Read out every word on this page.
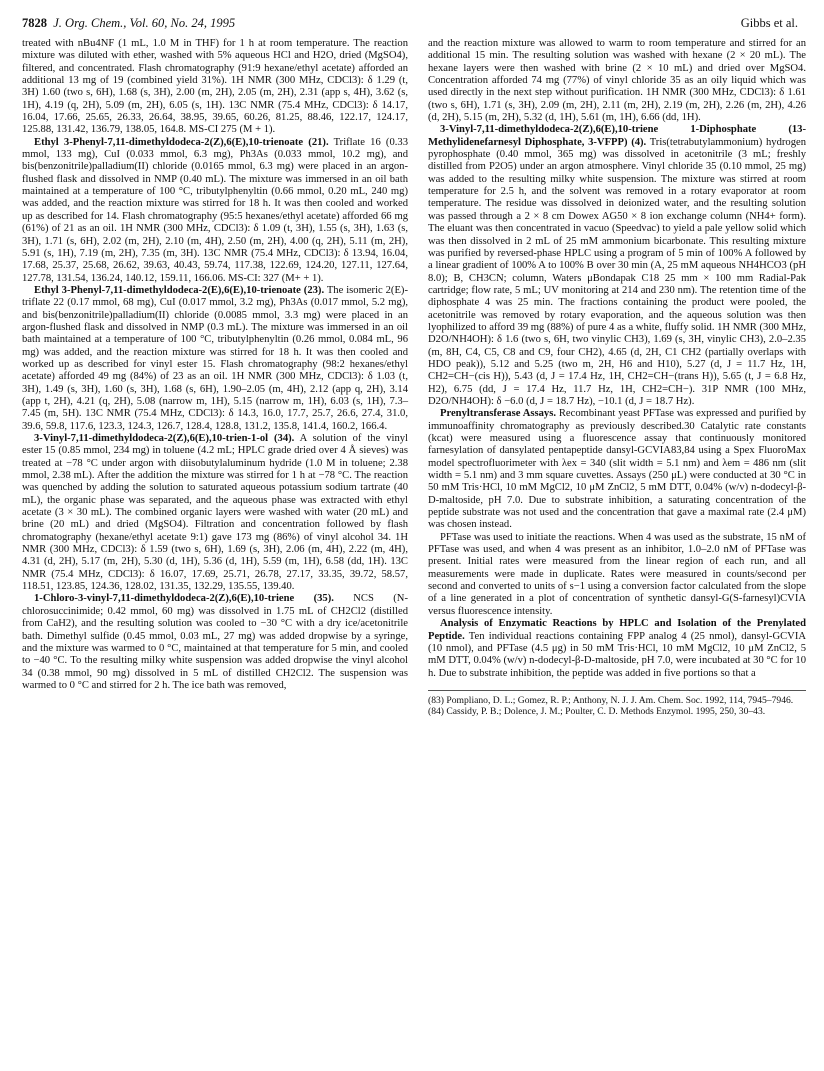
7828 J. Org. Chem., Vol. 60, No. 24, 1995	Gibbs et al.

treated with nBu4NF (1 mL, 1.0 M in THF) for 1 h at room temperature. The reaction mixture was diluted with ether, washed with 5% aqueous HCl and H2O, dried (MgSO4), filtered, and concentrated. Flash chromatography (91:9 hexane/ethyl acetate) afforded an additional 13 mg of 19 (combined yield 31%). 1H NMR (300 MHz, CDCl3): δ 1.29 (t, 3H) 1.60 (two s, 6H), 1.68 (s, 3H), 2.00 (m, 2H), 2.05 (m, 2H), 2.31 (app s, 4H), 3.62 (s, 1H), 4.19 (q, 2H), 5.09 (m, 2H), 6.05 (s, 1H). 13C NMR (75.4 MHz, CDCl3): δ 14.17, 16.04, 17.66, 25.65, 26.33, 26.64, 38.95, 39.65, 60.26, 81.25, 88.46, 122.17, 124.17, 125.88, 131.42, 136.79, 138.05, 164.8. MS-CI 275 (M + 1).

Ethyl 3-Phenyl-7,11-dimethyldodeca-2(Z),6(E),10-trienoate (21). Triflate 16 (0.33 mmol, 133 mg), CuI (0.033 mmol, 6.3 mg), Ph3As (0.033 mmol, 10.2 mg), and bis(benzonitrile)palladium(II) chloride (0.0165 mmol, 6.3 mg) were placed in an argon-flushed flask and dissolved in NMP (0.40 mL). The mixture was immersed in an oil bath maintained at a temperature of 100 °C, tributylphenyltin (0.66 mmol, 0.20 mL, 240 mg) was added, and the reaction mixture was stirred for 18 h. It was then cooled and worked up as described for 14. Flash chromatography (95:5 hexanes/ethyl acetate) afforded 66 mg (61%) of 21 as an oil. 1H NMR (300 MHz, CDCl3): δ 1.09 (t, 3H), 1.55 (s, 3H), 1.63 (s, 3H), 1.71 (s, 6H), 2.02 (m, 2H), 2.10 (m, 4H), 2.50 (m, 2H), 4.00 (q, 2H), 5.11 (m, 2H), 5.91 (s, 1H), 7.19 (m, 2H), 7.35 (m, 3H). 13C NMR (75.4 MHz, CDCl3): δ 13.94, 16.04, 17.68, 25.37, 25.68, 26.62, 39.63, 40.43, 59.74, 117.38, 122.69, 124.20, 127.11, 127.64, 127.78, 131.54, 136.24, 140.12, 159.11, 166.06. MS-CI: 327 (M+ + 1).

Ethyl 3-Phenyl-7,11-dimethyldodeca-2(E),6(E),10-trienoate (23). The isomeric 2(E)-triflate 22 (0.17 mmol, 68 mg), CuI (0.017 mmol, 3.2 mg), Ph3As (0.017 mmol, 5.2 mg), and bis(benzonitrile)palladium(II) chloride (0.0085 mmol, 3.3 mg) were placed in an argon-flushed flask and dissolved in NMP (0.3 mL). The mixture was immersed in an oil bath maintained at a temperature of 100 °C, tributylphenyltin (0.26 mmol, 0.084 mL, 96 mg) was added, and the reaction mixture was stirred for 18 h. It was then cooled and worked up as described for vinyl ester 15. Flash chromatography (98:2 hexanes/ethyl acetate) afforded 49 mg (84%) of 23 as an oil. 1H NMR (300 MHz, CDCl3): δ 1.03 (t, 3H), 1.49 (s, 3H), 1.60 (s, 3H), 1.68 (s, 6H), 1.90–2.05 (m, 4H), 2.12 (app q, 2H), 3.14 (app t, 2H), 4.21 (q, 2H), 5.08 (narrow m, 1H), 5.15 (narrow m, 1H), 6.03 (s, 1H), 7.3–7.45 (m, 5H). 13C NMR (75.4 MHz, CDCl3): δ 14.3, 16.0, 17.7, 25.7, 26.6, 27.4, 31.0, 39.6, 59.8, 117.6, 123.3, 124.3, 126.7, 128.4, 128.8, 131.2, 135.8, 141.4, 160.2, 166.4.

3-Vinyl-7,11-dimethyldodeca-2(Z),6(E),10-trien-1-ol (34). A solution of the vinyl ester 15 (0.85 mmol, 234 mg) in toluene (4.2 mL; HPLC grade dried over 4 Å sieves) was treated at −78 °C under argon with diisobutylaluminum hydride (1.0 M in toluene; 2.38 mmol, 2.38 mL). After the addition the mixture was stirred for 1 h at −78 °C. The reaction was quenched by adding the solution to saturated aqueous potassium sodium tartrate (40 mL), the organic phase was separated, and the aqueous phase was extracted with ethyl acetate (3 × 30 mL). The combined organic layers were washed with water (20 mL) and brine (20 mL) and dried (MgSO4). Filtration and concentration followed by flash chromatography (hexane/ethyl acetate 9:1) gave 173 mg (86%) of vinyl alcohol 34. 1H NMR (300 MHz, CDCl3): δ 1.59 (two s, 6H), 1.69 (s, 3H), 2.06 (m, 4H), 2.22 (m, 4H), 4.31 (d, 2H), 5.17 (m, 2H), 5.30 (d, 1H), 5.36 (d, 1H), 5.59 (m, 1H), 6.58 (dd, 1H). 13C NMR (75.4 MHz, CDCl3): δ 16.07, 17.69, 25.71, 26.78, 27.17, 33.35, 39.72, 58.57, 118.51, 123.85, 124.36, 128.02, 131.35, 132.29, 135.55, 139.40.

1-Chloro-3-vinyl-7,11-dimethyldodeca-2(Z),6(E),10-triene (35). NCS (N-chlorosuccinimide; 0.42 mmol, 60 mg) was dissolved in 1.75 mL of CH2Cl2 (distilled from CaH2), and the resulting solution was cooled to −30 °C with a dry ice/acetonitrile bath. Dimethyl sulfide (0.45 mmol, 0.03 mL, 27 mg) was added dropwise by a syringe, and the mixture was warmed to 0 °C, maintained at that temperature for 5 min, and cooled to −40 °C. To the resulting milky white suspension was added dropwise the vinyl alcohol 34 (0.38 mmol, 90 mg) dissolved in 5 mL of distilled CH2Cl2. The suspension was warmed to 0 °C and stirred for 2 h. The ice bath was removed,

and the reaction mixture was allowed to warm to room temperature and stirred for an additional 15 min. The resulting solution was washed with hexane (2 × 20 mL). The hexane layers were then washed with brine (2 × 10 mL) and dried over MgSO4. Concentration afforded 74 mg (77%) of vinyl chloride 35 as an oily liquid which was used directly in the next step without purification. 1H NMR (300 MHz, CDCl3): δ 1.61 (two s, 6H), 1.71 (s, 3H), 2.09 (m, 2H), 2.11 (m, 2H), 2.19 (m, 2H), 2.26 (m, 2H), 4.26 (d, 2H), 5.15 (m, 2H), 5.32 (d, 1H), 5.61 (m, 1H), 6.66 (dd, 1H).

3-Vinyl-7,11-dimethyldodeca-2(Z),6(E),10-triene 1-Diphosphate (13-Methylidenefarnesyl Diphosphate, 3-VFPP) (4). Tris(tetrabutylammonium) hydrogen pyrophosphate (0.40 mmol, 365 mg) was dissolved in acetonitrile (3 mL; freshly distilled from P2O5) under an argon atmosphere. Vinyl chloride 35 (0.10 mmol, 25 mg) was added to the resulting milky white suspension. The mixture was stirred at room temperature for 2.5 h, and the solvent was removed in a rotary evaporator at room temperature. The residue was dissolved in deionized water, and the resulting solution was passed through a 2 × 8 cm Dowex AG50 × 8 ion exchange column (NH4+ form). The eluant was then concentrated in vacuo (Speedvac) to yield a pale yellow solid which was then dissolved in 2 mL of 25 mM ammonium bicarbonate. This resulting mixture was purified by reversed-phase HPLC using a program of 5 min of 100% A followed by a linear gradient of 100% A to 100% B over 30 min (A, 25 mM aqueous NH4HCO3 (pH 8.0); B, CH3CN; column, Waters μBondapak C18 25 mm × 100 mm Radial-Pak cartridge; flow rate, 5 mL; UV monitoring at 214 and 230 nm). The retention time of the diphosphate 4 was 25 min. The fractions containing the product were pooled, the acetonitrile was removed by rotary evaporation, and the aqueous solution was then lyophilized to afford 39 mg (88%) of pure 4 as a white, fluffy solid. 1H NMR (300 MHz, D2O/NH4OH): δ 1.6 (two s, 6H, two vinylic CH3), 1.69 (s, 3H, vinylic CH3), 2.0–2.35 (m, 8H, C4, C5, C8 and C9, four CH2), 4.65 (d, 2H, C1 CH2 (partially overlaps with HDO peak)), 5.12 and 5.25 (two m, 2H, H6 and H10), 5.27 (d, J = 11.7 Hz, 1H, CH2=CH−(cis H)), 5.43 (d, J = 17.4 Hz, 1H, CH2=CH−(trans H)), 5.65 (t, J = 6.8 Hz, H2), 6.75 (dd, J = 17.4 Hz, 11.7 Hz, 1H, CH2=CH−). 31P NMR (100 MHz, D2O/NH4OH): δ −6.0 (d, J = 18.7 Hz), −10.1 (d, J = 18.7 Hz).

Prenyltransferase Assays. Recombinant yeast PFTase was expressed and purified by immunoaffinity chromatography as previously described.30 Catalytic rate constants (kcat) were measured using a fluorescence assay that continuously monitored farnesylation of dansylated pentapeptide dansyl-GCVIA83,84 using a Spex FluoroMax model spectrofluorimeter with λex = 340 (slit width = 5.1 nm) and λem = 486 nm (slit width = 5.1 nm) and 3 mm square cuvettes. Assays (250 μL) were conducted at 30 °C in 50 mM Tris·HCl, 10 mM MgCl2, 10 μM ZnCl2, 5 mM DTT, 0.04% (w/v) n-dodecyl-β-D-maltoside, pH 7.0. Due to substrate inhibition, a saturating concentration of the peptide substrate was not used and the concentration that gave a maximal rate (2.4 μM) was chosen instead.

PFTase was used to initiate the reactions. When 4 was used as the substrate, 15 nM of PFTase was used, and when 4 was present as an inhibitor, 1.0–2.0 nM of PFTase was present. Initial rates were measured from the linear region of each run, and all measurements were made in duplicate. Rates were measured in counts/second per second and converted to units of s−1 using a conversion factor calculated from the slope of a line generated in a plot of concentration of synthetic dansyl-G(S-farnesyl)CVIA versus fluorescence intensity.

Analysis of Enzymatic Reactions by HPLC and Isolation of the Prenylated Peptide. Ten individual reactions containing FPP analog 4 (25 nmol), dansyl-GCVIA (10 nmol), and PFTase (4.5 μg) in 50 mM Tris·HCl, 10 mM MgCl2, 10 μM ZnCl2, 5 mM DTT, 0.04% (w/v) n-dodecyl-β-D-maltoside, pH 7.0, were incubated at 30 °C for 10 h. Due to substrate inhibition, the peptide was added in five portions so that a

(83) Pompliano, D. L.; Gomez, R. P.; Anthony, N. J. J. Am. Chem. Soc. 1992, 114, 7945–7946.

(84) Cassidy, P. B.; Dolence, J. M.; Poulter, C. D. Methods Enzymol. 1995, 250, 30–43.
